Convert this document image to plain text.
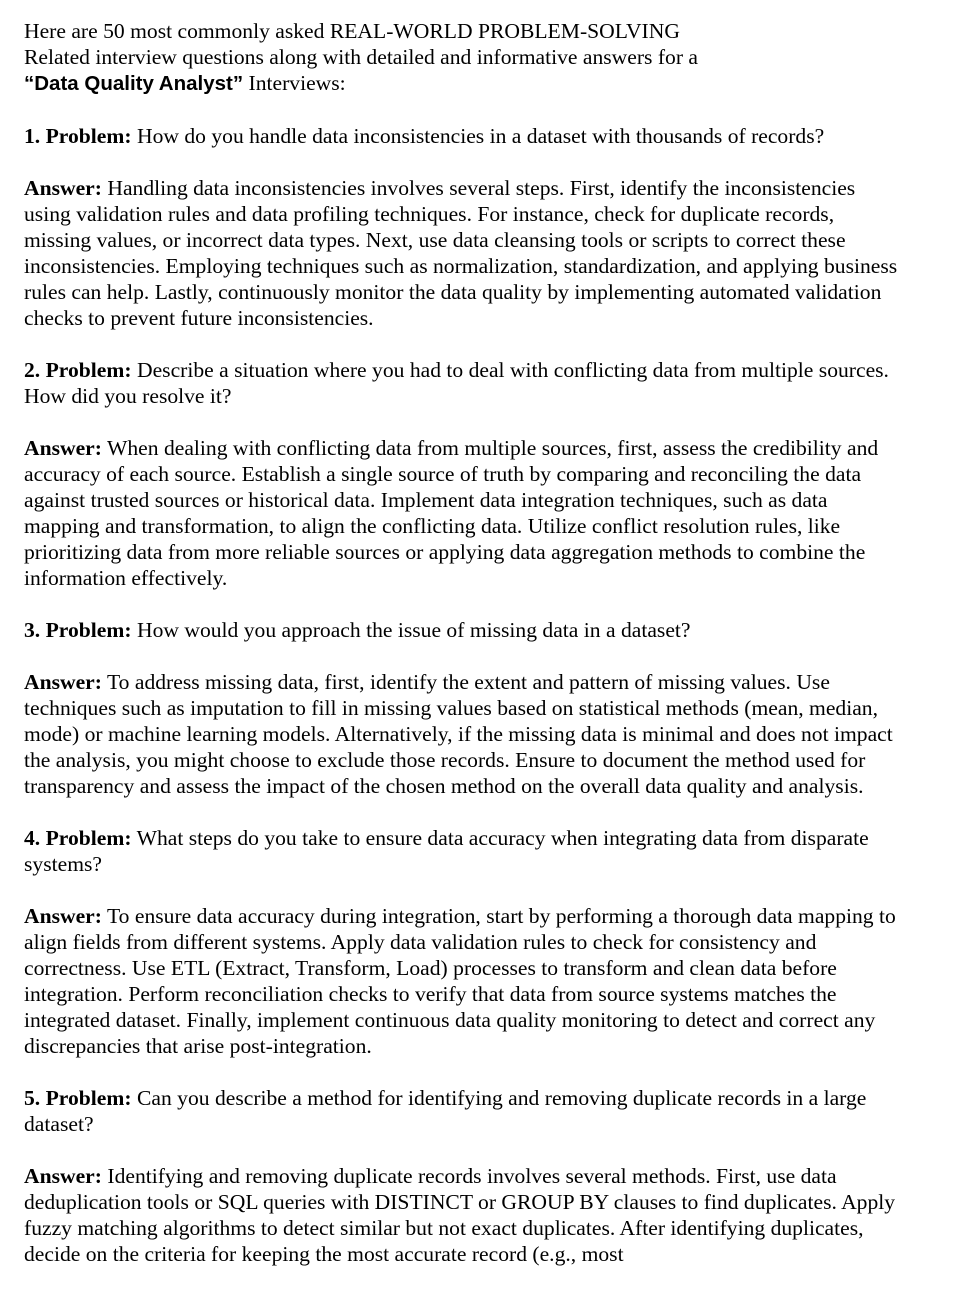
Here are 50 most commonly asked REAL-WORLD PROBLEM-SOLVING
Related interview questions along with detailed and informative answers for a
“Data Quality Analyst” Interviews:

1. Problem: How do you handle data inconsistencies in a dataset with thousands of records?

Answer: Handling data inconsistencies involves several steps. First, identify the inconsistencies using validation rules and data profiling techniques. For instance, check for duplicate records, missing values, or incorrect data types. Next, use data cleansing tools or scripts to correct these inconsistencies. Employing techniques such as normalization, standardization, and applying business rules can help. Lastly, continuously monitor the data quality by implementing automated validation checks to prevent future inconsistencies.

2. Problem: Describe a situation where you had to deal with conflicting data from multiple sources. How did you resolve it?

Answer: When dealing with conflicting data from multiple sources, first, assess the credibility and accuracy of each source. Establish a single source of truth by comparing and reconciling the data against trusted sources or historical data. Implement data integration techniques, such as data mapping and transformation, to align the conflicting data. Utilize conflict resolution rules, like prioritizing data from more reliable sources or applying data aggregation methods to combine the information effectively.

3. Problem: How would you approach the issue of missing data in a dataset?

Answer: To address missing data, first, identify the extent and pattern of missing values. Use techniques such as imputation to fill in missing values based on statistical methods (mean, median, mode) or machine learning models. Alternatively, if the missing data is minimal and does not impact the analysis, you might choose to exclude those records. Ensure to document the method used for transparency and assess the impact of the chosen method on the overall data quality and analysis.

4. Problem: What steps do you take to ensure data accuracy when integrating data from disparate systems?

Answer: To ensure data accuracy during integration, start by performing a thorough data mapping to align fields from different systems. Apply data validation rules to check for consistency and correctness. Use ETL (Extract, Transform, Load) processes to transform and clean data before integration. Perform reconciliation checks to verify that data from source systems matches the integrated dataset. Finally, implement continuous data quality monitoring to detect and correct any discrepancies that arise post-integration.

5. Problem: Can you describe a method for identifying and removing duplicate records in a large dataset?

Answer: Identifying and removing duplicate records involves several methods. First, use data deduplication tools or SQL queries with DISTINCT or GROUP BY clauses to find duplicates. Apply fuzzy matching algorithms to detect similar but not exact duplicates. After identifying duplicates, decide on the criteria for keeping the most accurate record (e.g., most
